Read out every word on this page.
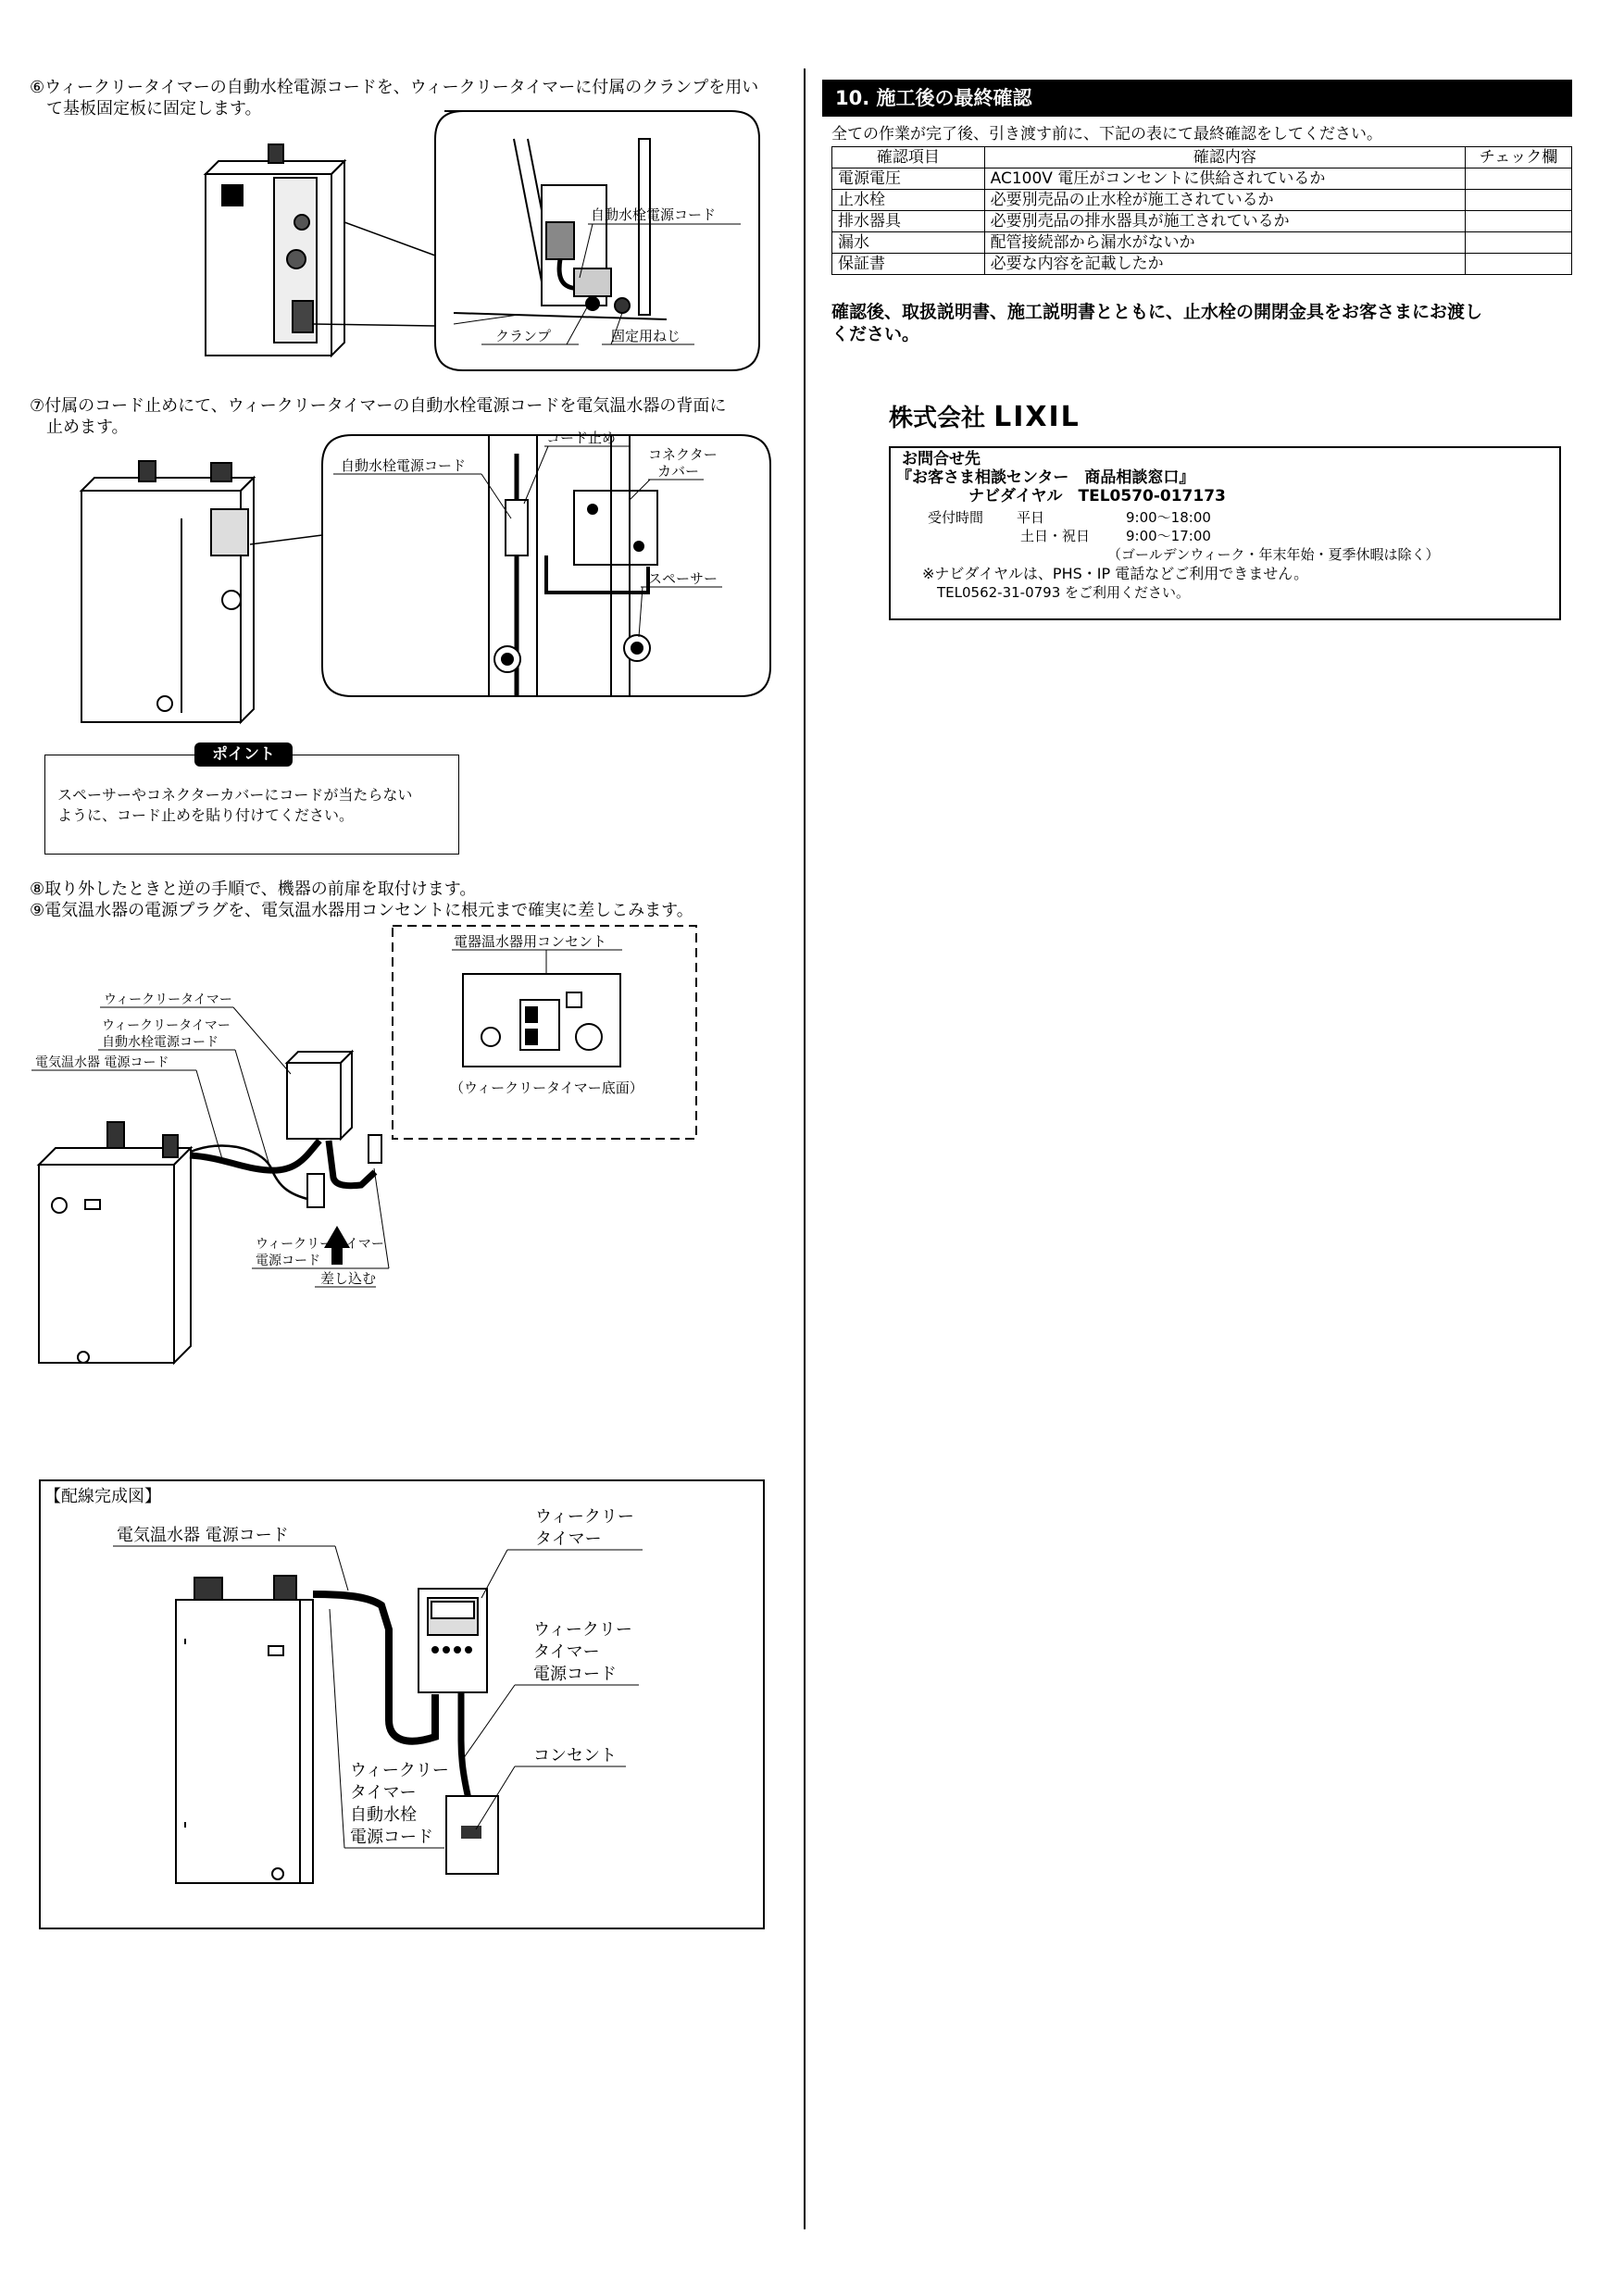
⑥ウィークリータイマーの自動水栓電源コードを、ウィークリータイマーに付属のクランプを用い
て基板固定板に固定します。
自動水栓電源コード
クランプ	固定用ねじ
⑦付属のコード止めにて、ウィークリータイマーの自動水栓電源コードを電気温水器の背面に
止めます。
自動水栓電源コード
コード止め
コネクター
カバー
スペーサー
ポイント
スペーサーやコネクターカバーにコードが当たらない
ように、コード止めを貼り付けてください。
⑧取り外したときと逆の手順で、機器の前扉を取付けます。
⑨電気温水器の電源プラグを、電気温水器用コンセントに根元まで確実に差しこみます。
電器温水器用コンセント
（ウィークリータイマー底面）
差し込む
ウィークリータイマー
ウィークリータイマー
自動水栓電源コード
電気温水器 電源コード
ウィークリータイマー
電源コード
【配線完成図】
電気温水器 電源コード
ウィークリー
タイマー
ウィークリー
タイマー
電源コード
コンセント
ウィークリー
タイマー
自動水栓
電源コード
10. 施工後の最終確認
全ての作業が完了後、引き渡す前に、下記の表にて最終確認をしてください。
確認項目	確認内容	チェック欄
電源電圧	AC100V 電圧がコンセントに供給されているか	
止水栓	必要別売品の止水栓が施工されているか	
排水器具	必要別売品の排水器具が施工されているか	
漏水	配管接続部から漏水がないか	
保証書	必要な内容を記載したか	
確認後、取扱説明書、施工説明書とともに、止水栓の開閉金具をお客さまにお渡し
ください。
株式会社 LIXIL
お問合せ先
『お客さま相談センター　商品相談窓口』
ナビダイヤル　TEL0570-017173
受付時間 平日	9:00～18:00
土日・祝日	9:00～17:00
（ゴールデンウィーク・年末年始・夏季休暇は除く）
※ナビダイヤルは、PHS・IP 電話などご利用できません。
TEL0562-31-0793 をご利用ください。
